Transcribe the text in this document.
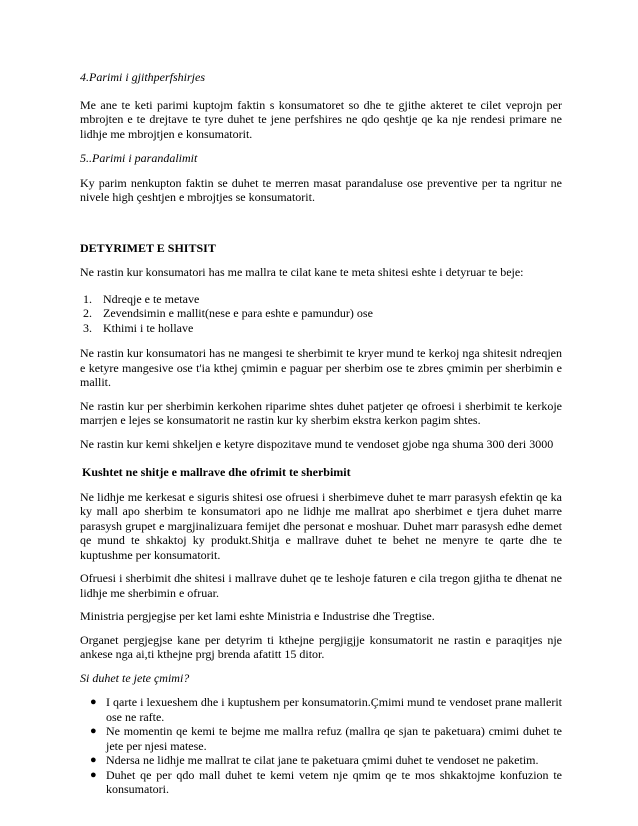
4.Parimi i gjithperfshirjes

Me ane te keti parimi kuptojm faktin s konsumatoret so dhe te gjithe akteret te cilet veprojn per mbrojten e te drejtave te tyre duhet te jene perfshires ne qdo qeshtje qe ka nje rendesi primare ne lidhje me mbrojtjen e konsumatorit.

5..Parimi i parandalimit

Ky parim nenkupton faktin se duhet te merren masat parandaluse ose preventive per ta ngritur ne nivele high çeshtjen e mbrojtjes se konsumatorit.

DETYRIMET E SHITSIT

Ne rastin kur konsumatori has me mallra te cilat kane te meta shitesi eshte i detyruar te beje:

1. Ndreqje e te metave
2. Zevendsimin e mallit(nese e para eshte e pamundur) ose
3. Kthimi i te hollave

Ne rastin kur konsumatori has ne mangesi te sherbimit te kryer mund te kerkoj nga shitesit ndreqjen e ketyre mangesive ose t'ia kthej çmimin e paguar per sherbim ose te zbres çmimin per sherbimin e mallit.

Ne rastin kur per sherbimin kerkohen riparime shtes duhet patjeter qe ofroesi i sherbimit te kerkoje marrjen e lejes se konsumatorit ne rastin kur ky sherbim ekstra kerkon pagim shtes.

Ne rastin kur kemi shkeljen e ketyre dispozitave mund te vendoset gjobe nga shuma 300 deri 3000

Kushtet ne shitje e mallrave dhe ofrimit te sherbimit

Ne lidhje me kerkesat e siguris shitesi ose ofruesi i sherbimeve duhet te marr parasysh efektin qe ka ky mall apo sherbim te konsumatori apo ne lidhje me mallrat apo sherbimet e tjera duhet marre parasysh grupet e margjinalizuara femijet dhe personat e moshuar. Duhet marr parasysh edhe demet qe mund te shkaktoj ky produkt.Shitja e mallrave duhet te behet ne menyre te qarte dhe te kuptushme per konsumatorit.

Ofruesi i sherbimit dhe shitesi i mallrave duhet qe te leshoje faturen e cila tregon gjitha te dhenat ne lidhje me sherbimin e ofruar.

Ministria pergjegjse per ket lami eshte Ministria e Industrise dhe Tregtise.

Organet pergjegjse kane per detyrim ti kthejne pergjigjje konsumatorit ne rastin e paraqitjes nje ankese nga ai,ti kthejne prgj brenda afatitt 15 ditor.

Si duhet te jete çmimi?

● I qarte i lexueshem dhe i kuptushem per konsumatorin.Çmimi mund te vendoset prane mallerit ose ne rafte.
● Ne momentin qe kemi te bejme me mallra refuz (mallra qe sjan te paketuara) cmimi duhet te jete per njesi matese.
● Ndersa ne lidhje me mallrat te cilat jane te paketuara çmimi duhet te vendoset ne paketim.
● Duhet qe per qdo mall duhet te kemi vetem nje qmim qe te mos shkaktojme konfuzion te konsumatori.
